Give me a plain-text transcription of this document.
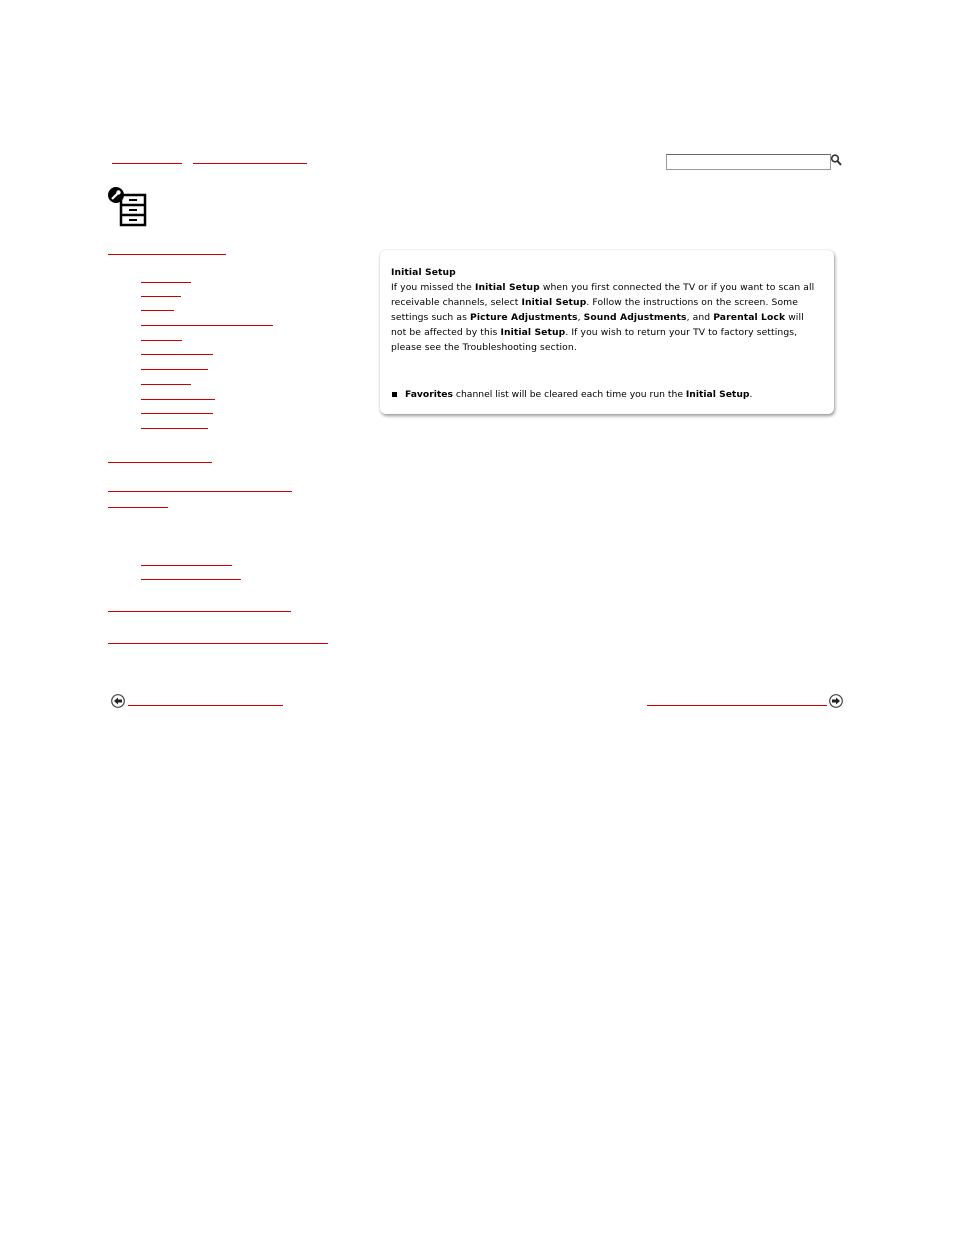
Initial Setup
If you missed the Initial Setup when you first connected the TV or if you want to scan all receivable channels, select Initial Setup. Follow the instructions on the screen. Some settings such as Picture Adjustments, Sound Adjustments, and Parental Lock will not be affected by this Initial Setup. If you wish to return your TV to factory settings, please see the Troubleshooting section.
Favorites channel list will be cleared each time you run the Initial Setup.
